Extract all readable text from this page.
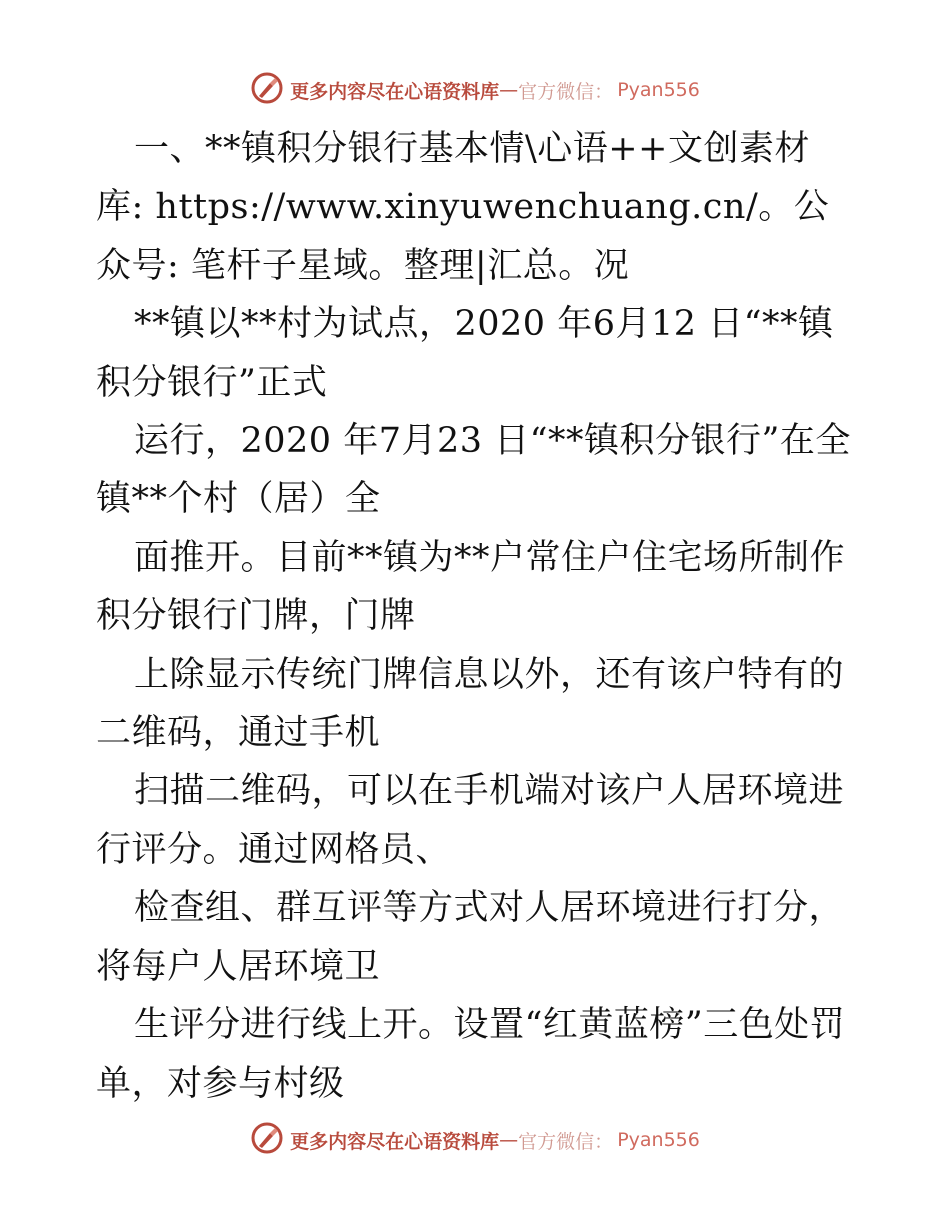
更多内容尽在心语资料库 — 官方微信： Pyan556

一、**镇积分银行基本情\心语++文创素材库: https://www.xinyuwenchuang.cn/。公众号: 笔杆子星域。整理|汇总。况

**镇以**村为试点，2020 年6月12 日“**镇积分银行”正式

运行，2020 年7月23 日“**镇积分银行”在全镇**个村（居）全

面推开。目前**镇为**户常住户住宅场所制作积分银行门牌，门牌

上除显示传统门牌信息以外，还有该户特有的二维码，通过手机

扫描二维码，可以在手机端对该户人居环境进行评分。通过网格员、

检查组、群互评等方式对人居环境进行打分，将每户人居环境卫

生评分进行线上开。设置“红黄蓝榜”三色处罚单，对参与村级

更多内容尽在心语资料库 — 官方微信： Pyan556
